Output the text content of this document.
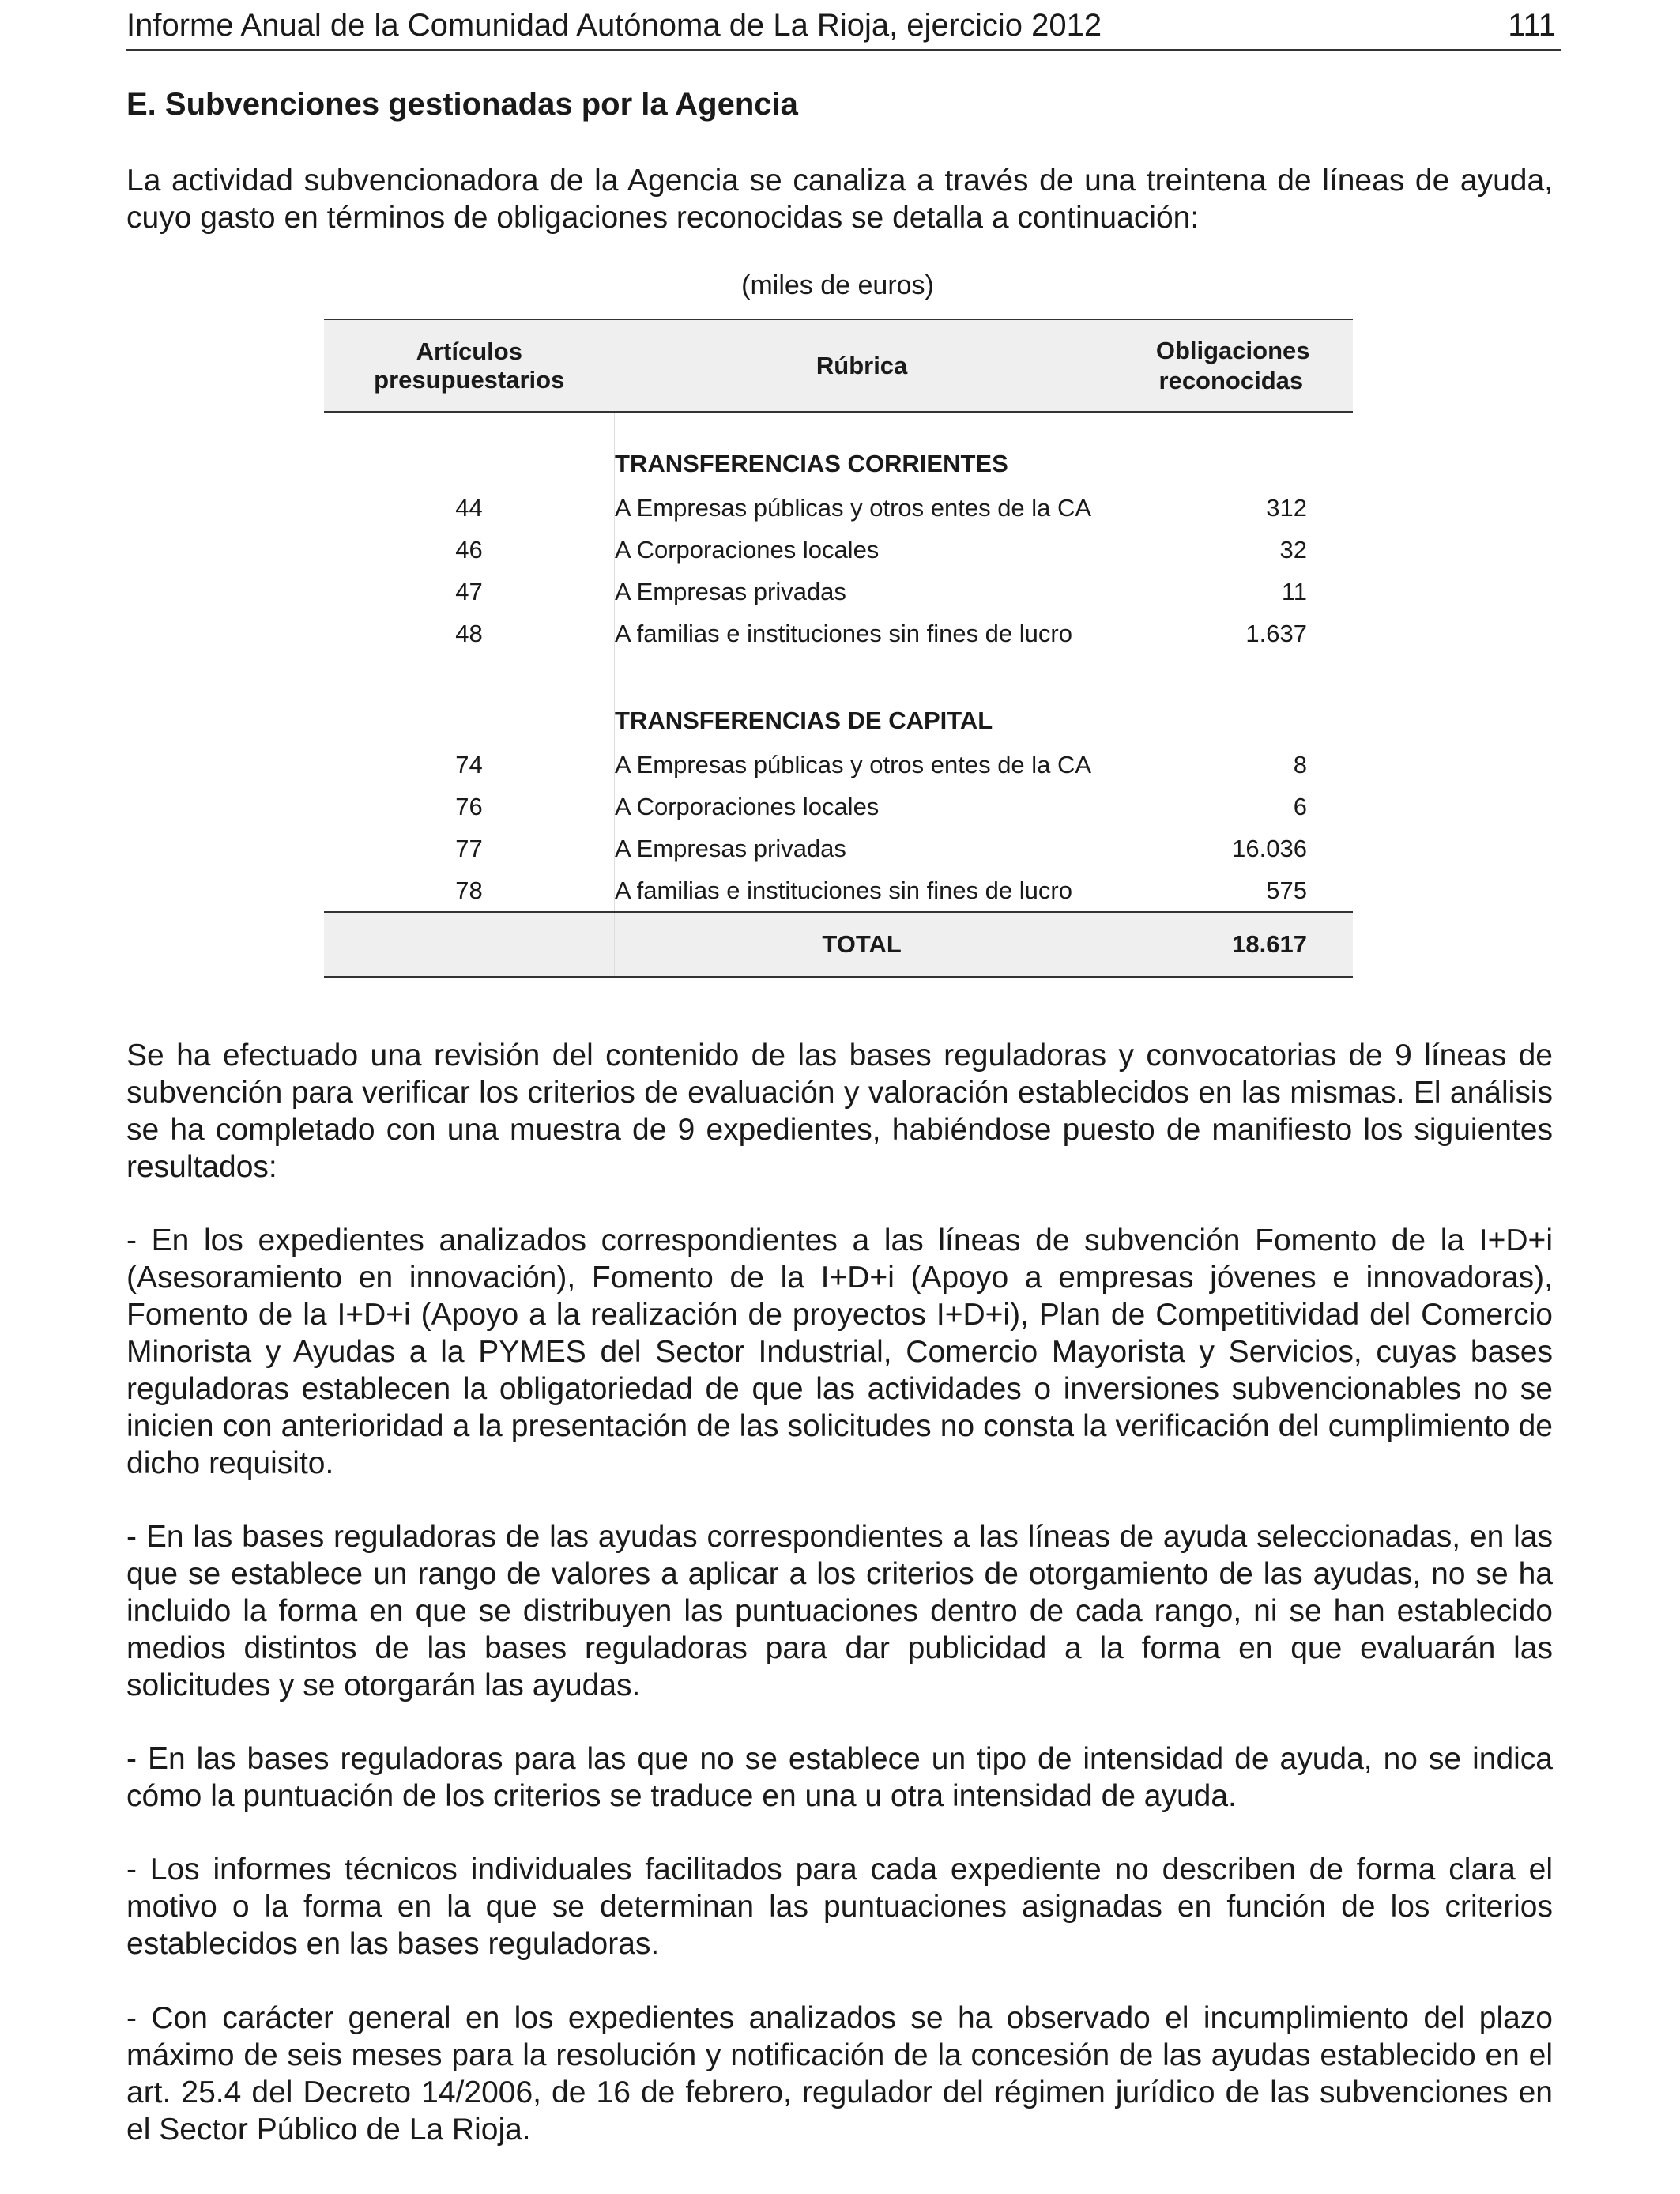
Informe Anual de la Comunidad Autónoma de La Rioja, ejercicio 2012	111
E. Subvenciones gestionadas por la Agencia

La actividad subvencionadora de la Agencia se canaliza a través de una treintena de líneas de ayuda, cuyo gasto en términos de obligaciones reconocidas se detalla a continuación:

(miles de euros)
Artículos presupuestarios	Rúbrica	Obligaciones reconocidas

	TRANSFERENCIAS CORRIENTES	
44	A Empresas públicas y otros entes de la CA	312
46	A Corporaciones locales	32
47	A Empresas privadas	11
48	A familias e instituciones sin fines de lucro	1.637

	TRANSFERENCIAS DE CAPITAL	
74	A Empresas públicas y otros entes de la CA	8
76	A Corporaciones locales	6
77	A Empresas privadas	16.036
78	A familias e instituciones sin fines de lucro	575
	TOTAL	18.617

Se ha efectuado una revisión del contenido de las bases reguladoras y convocatorias de 9 líneas de subvención para verificar los criterios de evaluación y valoración establecidos en las mismas. El análisis se ha completado con una muestra de 9 expedientes, habiéndose puesto de manifiesto los siguientes resultados:

- En los expedientes analizados correspondientes a las líneas de subvención Fomento de la I+D+i (Asesoramiento en innovación), Fomento de la I+D+i (Apoyo a empresas jóvenes e innovadoras), Fomento de la I+D+i (Apoyo a la realización de proyectos I+D+i), Plan de Competitividad del Comercio Minorista y Ayudas a la PYMES del Sector Industrial, Comercio Mayorista y Servicios, cuyas bases reguladoras establecen la obligatoriedad de que las actividades o inversiones subvencionables no se inicien con anterioridad a la presentación de las solicitudes no consta la verificación del cumplimiento de dicho requisito.

- En las bases reguladoras de las ayudas correspondientes a las líneas de ayuda seleccionadas, en las que se establece un rango de valores a aplicar a los criterios de otorgamiento de las ayudas, no se ha incluido la forma en que se distribuyen las puntuaciones dentro de cada rango, ni se han establecido medios distintos de las bases reguladoras para dar publicidad a la forma en que evaluarán las solicitudes y se otorgarán las ayudas.

- En las bases reguladoras para las que no se establece un tipo de intensidad de ayuda, no se indica cómo la puntuación de los criterios se traduce en una u otra intensidad de ayuda.

- Los informes técnicos individuales facilitados para cada expediente no describen de forma clara el motivo o la forma en la que se determinan las puntuaciones asignadas en función de los criterios establecidos en las bases reguladoras.

- Con carácter general en los expedientes analizados se ha observado el incumplimiento del plazo máximo de seis meses para la resolución y notificación de la concesión de las ayudas establecido en el art. 25.4 del Decreto 14/2006, de 16 de febrero, regulador del régimen jurídico de las subvenciones en el Sector Público de La Rioja.
